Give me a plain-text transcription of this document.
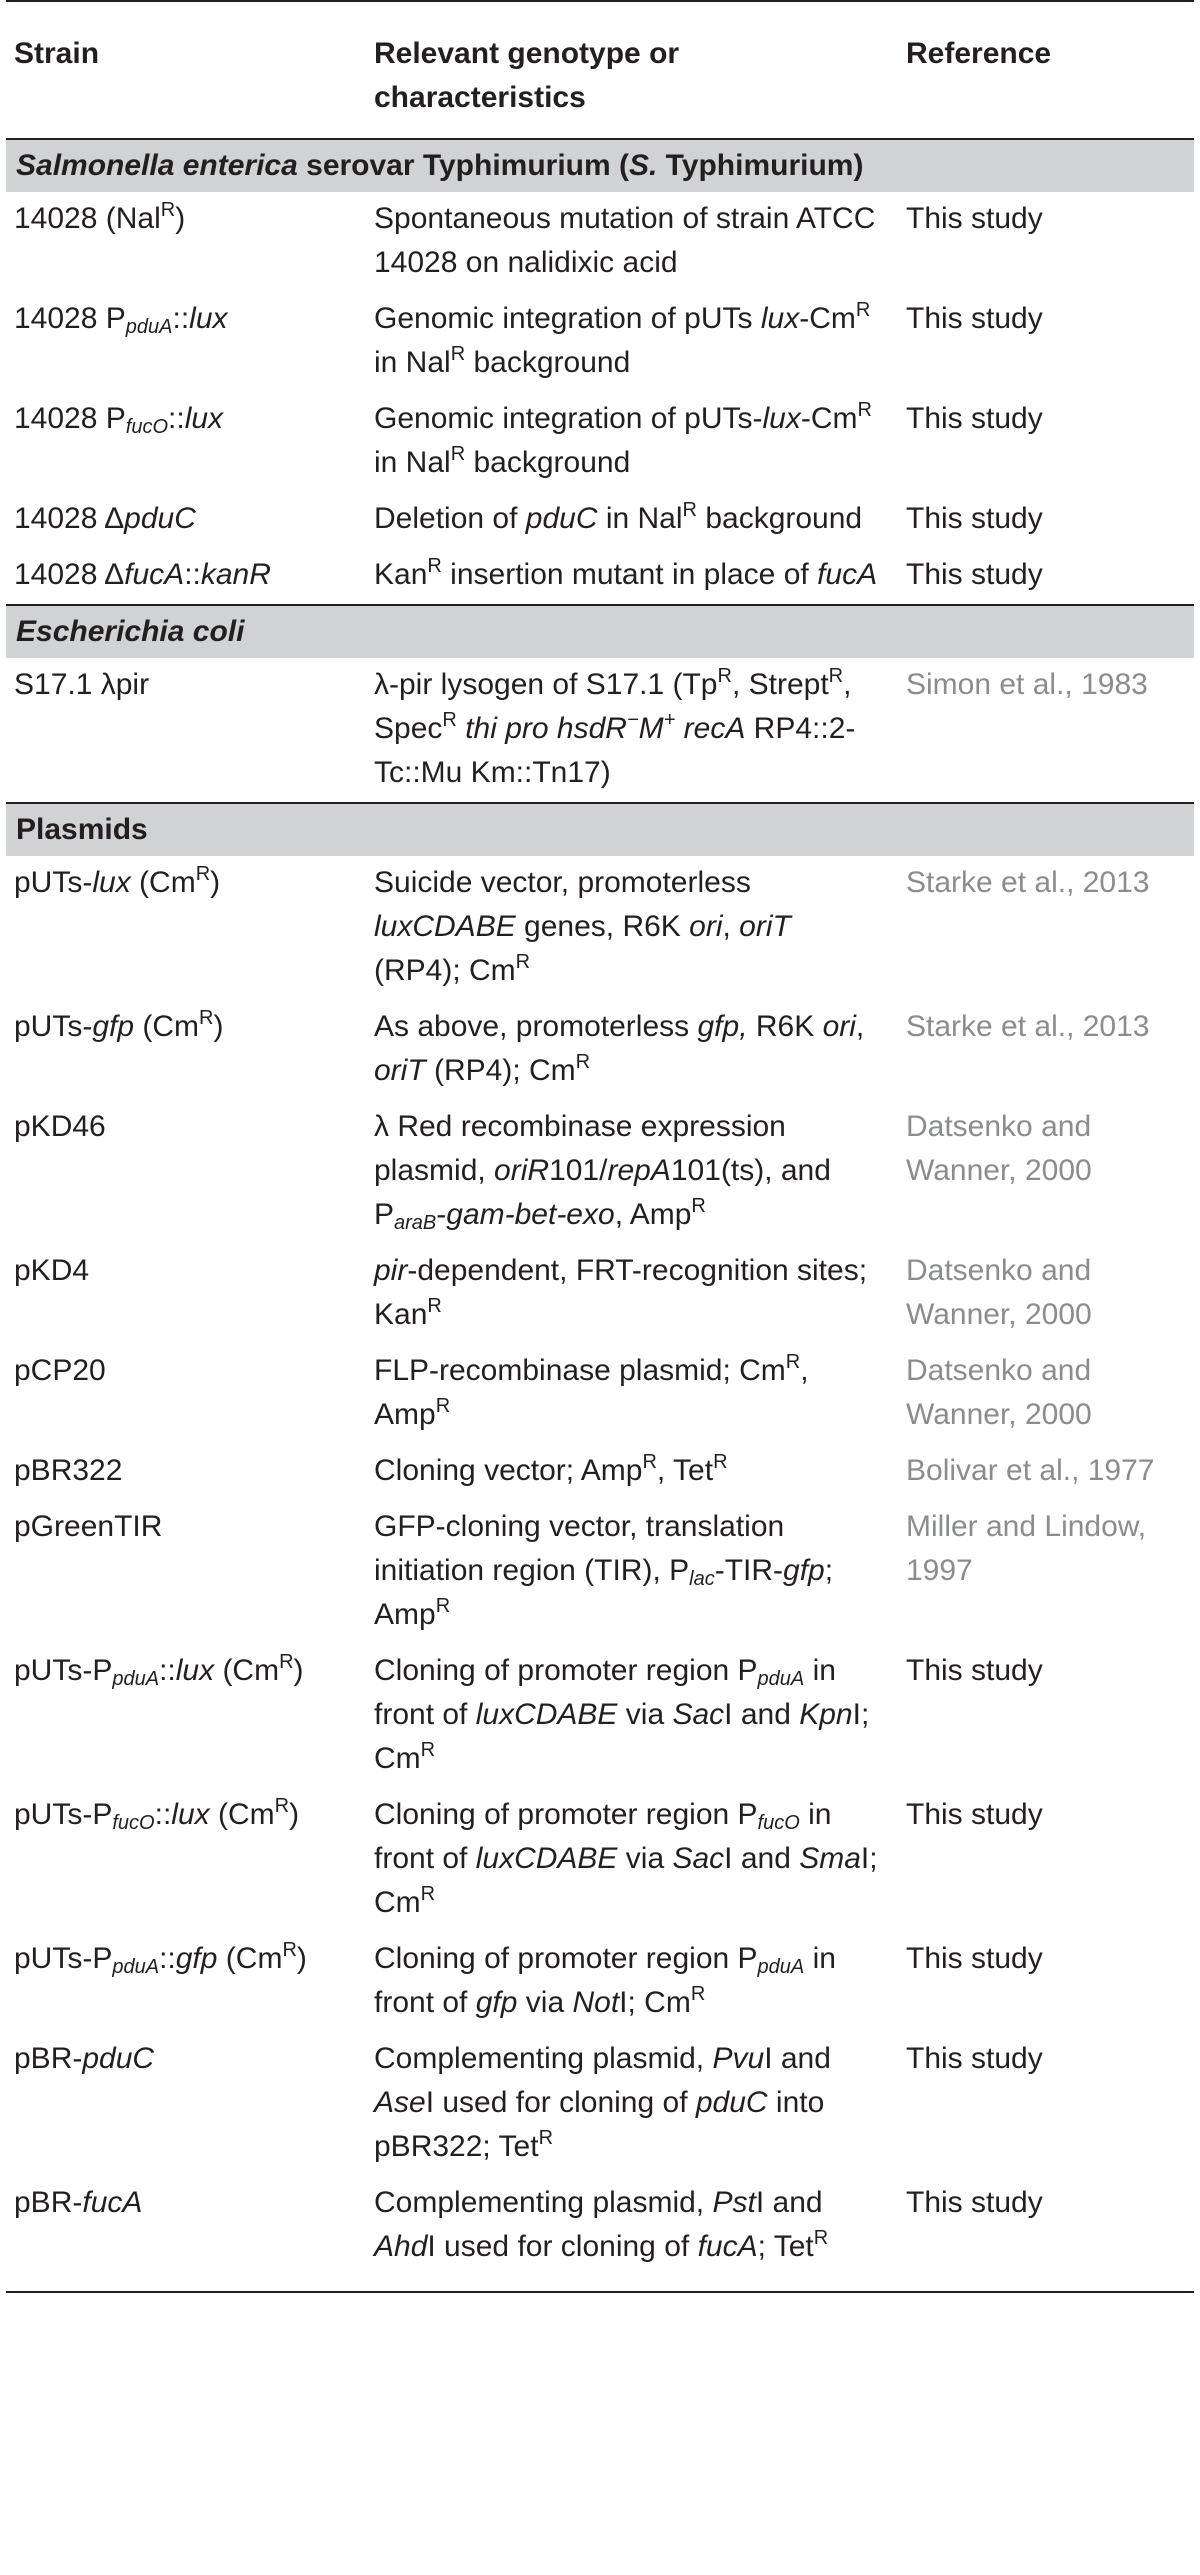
Strain	Relevant genotype or characteristics	Reference
Salmonella enterica serovar Typhimurium (S. Typhimurium)		
14028 (Nal$^R$)	Spontaneous mutation of strain ATCC 14028 on nalidixic acid	This study
14028 $P_{pduA}::lux$	Genomic integration of pUTs lux-$Cm^R$ in Nal$^R$ background	This study
14028 $P_{fucO}::lux$	Genomic integration of pUTs-$lux-Cm^R$ in Nal$^R$ background	This study
14028 ΔpduC	Deletion of pduC in Nal$^R$ background	This study
14028 ΔfucA::kanR	Kan$^R$ insertion mutant in place of fucA	This study
Escherichia coli		
S17.1 λpir	λ-pir lysogen of S17.1 ($Tp^R$, Strept$^R$, Spec$^R$ thi pro hsdR−M+ recA RP4::2-Tc::Mu Km::Tn17)	Simon et al., 1983
Plasmids		
pUTs-lux $(Cm^R)$	Suicide vector, promoterless luxCDABE genes, R6K ori, oriT (RP4); $Cm^R$	Starke et al., 2013
pUTs-gfp $(Cm^R)$	As above, promoterless gfp, R6K ori, oriT (RP4); $Cm^R$	Starke et al., 2013
pKD46	λ Red recombinase expression plasmid, oriR101/repA101(ts), and $P_{araB}-gam-bet$-exo, Amp$^R$	Datsenko and Wanner, 2000
pKD4	pir-dependent, FRT-recognition sites; Kan$^R$	Datsenko and Wanner, 2000
pCP20	FLP-recombinase plasmid; $Cm^R$, Amp$^R$	Datsenko and Wanner, 2000
pBR322	Cloning vector; Amp$^R$, Tet$^R$	Bolivar et al., 1977
pGreenTIR	GFP-cloning vector, translation initiation region (TIR), $P_{lac}-TIR$-gfp; Amp$^R$	Miller and Lindow, 1997
pUTs-$P_{pduA}::lux$ $(Cm^R)$	Cloning of promoter region $P_{pduA}$ in front of luxCDABE via SacI and KpnI; $Cm^R$	This study
pUTs-$P_{fucO}::lux$ $(Cm^R)$	Cloning of promoter region $P_{fucO}$ in front of luxCDABE via SacI and SmaI; $Cm^R$	This study
pUTs-$P_{pduA}::gfp$ $(Cm^R)$	Cloning of promoter region $P_{pduA}$ in front of gfp via NotI; $Cm^R$	This study
pBR-pduC	Complementing plasmid, PvuI and AseI used for cloning of pduC into pBR322; Tet$^R$	This study
pBR-fucA	Complementing plasmid, PstI and AhdI used for cloning of fucA; Tet$^R$	This study
